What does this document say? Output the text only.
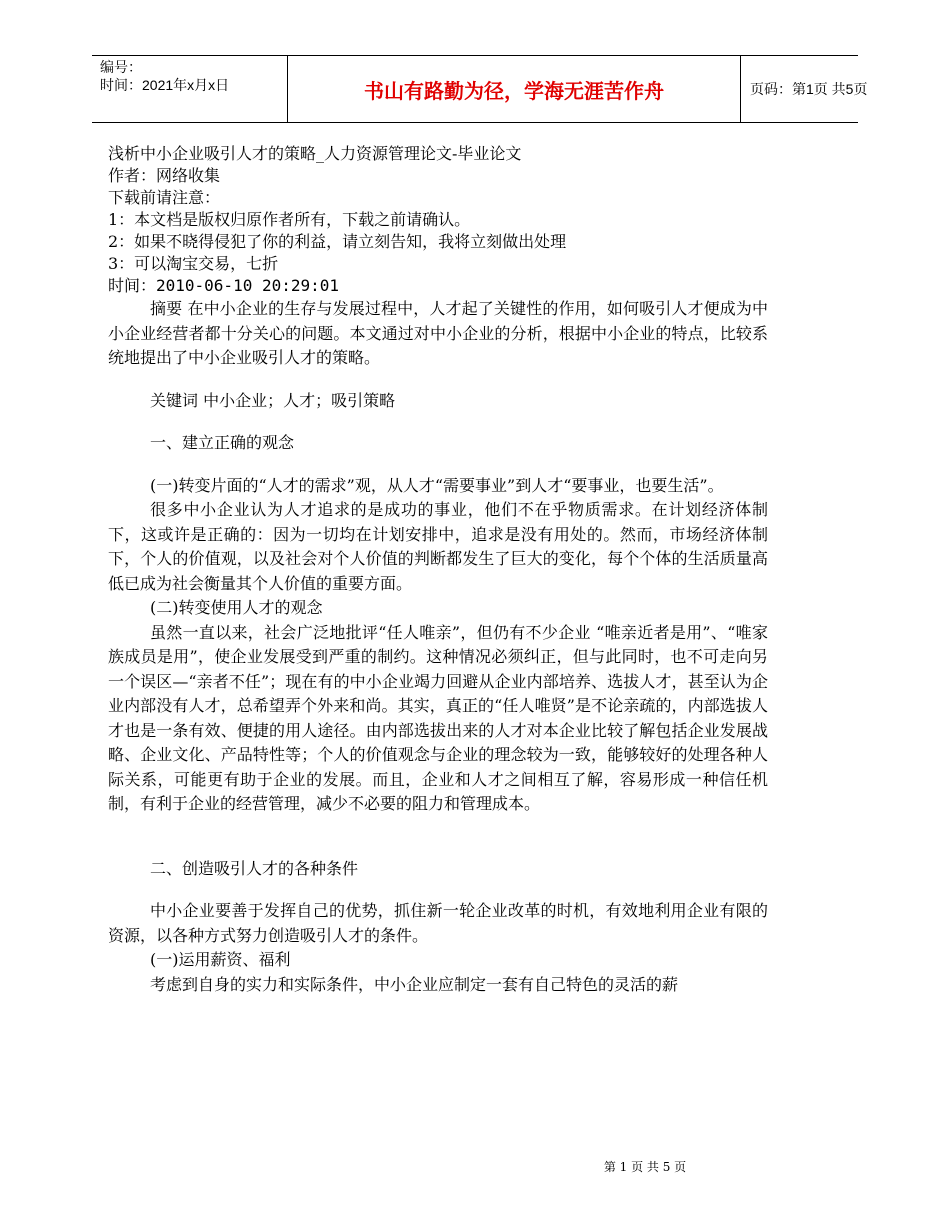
编号：
时间：2021年x月x日	书山有路勤为径，学海无涯苦作舟	页码：第1页 共5页
浅析中小企业吸引人才的策略_人力资源管理论文-毕业论文
作者：网络收集
下载前请注意：
1：本文档是版权归原作者所有，下载之前请确认。
2：如果不晓得侵犯了你的利益，请立刻告知，我将立刻做出处理
3：可以淘宝交易，七折
时间：2010-06-10 20:29:01

摘要 在中小企业的生存与发展过程中，人才起了关键性的作用，如何吸引人才便成为中小企业经营者都十分关心的问题。本文通过对中小企业的分析，根据中小企业的特点，比较系统地提出了中小企业吸引人才的策略。

关键词 中小企业；人才；吸引策略

一、建立正确的观念

(一)转变片面的“人才的需求”观，从人才“需要事业”到人才“要事业，也要生活”。

很多中小企业认为人才追求的是成功的事业，他们不在乎物质需求。在计划经济体制下，这或许是正确的：因为一切均在计划安排中，追求是没有用处的。然而，市场经济体制下，个人的价值观，以及社会对个人价值的判断都发生了巨大的变化，每个个体的生活质量高低已成为社会衡量其个人价值的重要方面。

(二)转变使用人才的观念

虽然一直以来，社会广泛地批评“任人唯亲”，但仍有不少企业 “唯亲近者是用”、“唯家族成员是用”，使企业发展受到严重的制约。这种情况必须纠正，但与此同时，也不可走向另一个误区—“亲者不任”；现在有的中小企业竭力回避从企业内部培养、选拔人才，甚至认为企业内部没有人才，总希望弄个外来和尚。其实，真正的“任人唯贤”是不论亲疏的，内部选拔人才也是一条有效、便捷的用人途径。由内部选拔出来的人才对本企业比较了解包括企业发展战略、企业文化、产品特性等；个人的价值观念与企业的理念较为一致，能够较好的处理各种人际关系，可能更有助于企业的发展。而且，企业和人才之间相互了解，容易形成一种信任机制，有利于企业的经营管理，减少不必要的阻力和管理成本。

二、创造吸引人才的各种条件

中小企业要善于发挥自己的优势，抓住新一轮企业改革的时机，有效地利用企业有限的资源，以各种方式努力创造吸引人才的条件。

(一)运用薪资、福利

考虑到自身的实力和实际条件，中小企业应制定一套有自己特色的灵活的薪

第 1 页 共 5 页
